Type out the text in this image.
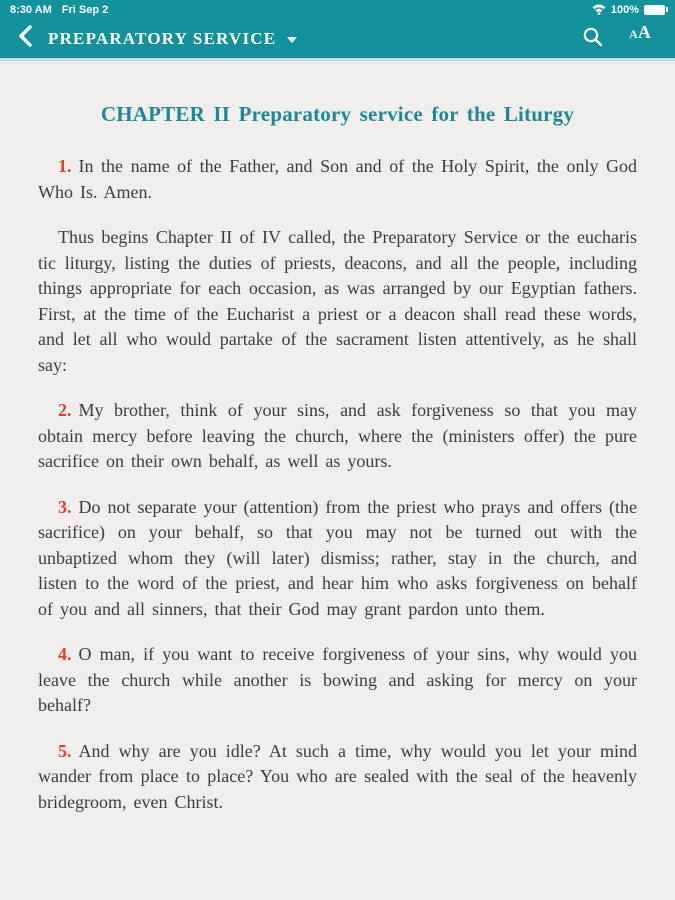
8:30 AM Fri Sep 2	100%
PREPARATORY SERVICE	A A
CHAPTER II Preparatory service for the Liturgy

1. In the name of the Father, and Son and of the Holy Spirit, the only God Who Is. Amen.

Thus begins Chapter II of IV called, the Preparatory Service or the eucharis tic liturgy, listing the duties of priests, deacons, and all the people, including things appropriate for each occasion, as was arranged by our Egyptian fathers. First, at the time of the Eucharist a priest or a deacon shall read these words, and let all who would partake of the sacrament listen attentively, as he shall say:

2. My brother, think of your sins, and ask forgiveness so that you may obtain mercy before leaving the church, where the (ministers offer) the pure sacrifice on their own behalf, as well as yours.

3. Do not separate your (attention) from the priest who prays and offers (the sacrifice) on your behalf, so that you may not be turned out with the unbaptized whom they (will later) dismiss; rather, stay in the church, and listen to the word of the priest, and hear him who asks forgiveness on behalf of you and all sinners, that their God may grant pardon unto them.

4. O man, if you want to receive forgiveness of your sins, why would you leave the church while another is bowing and asking for mercy on your behalf?

5. And why are you idle? At such a time, why would you let your mind wander from place to place? You who are sealed with the seal of the heavenly bridegroom, even Christ.
